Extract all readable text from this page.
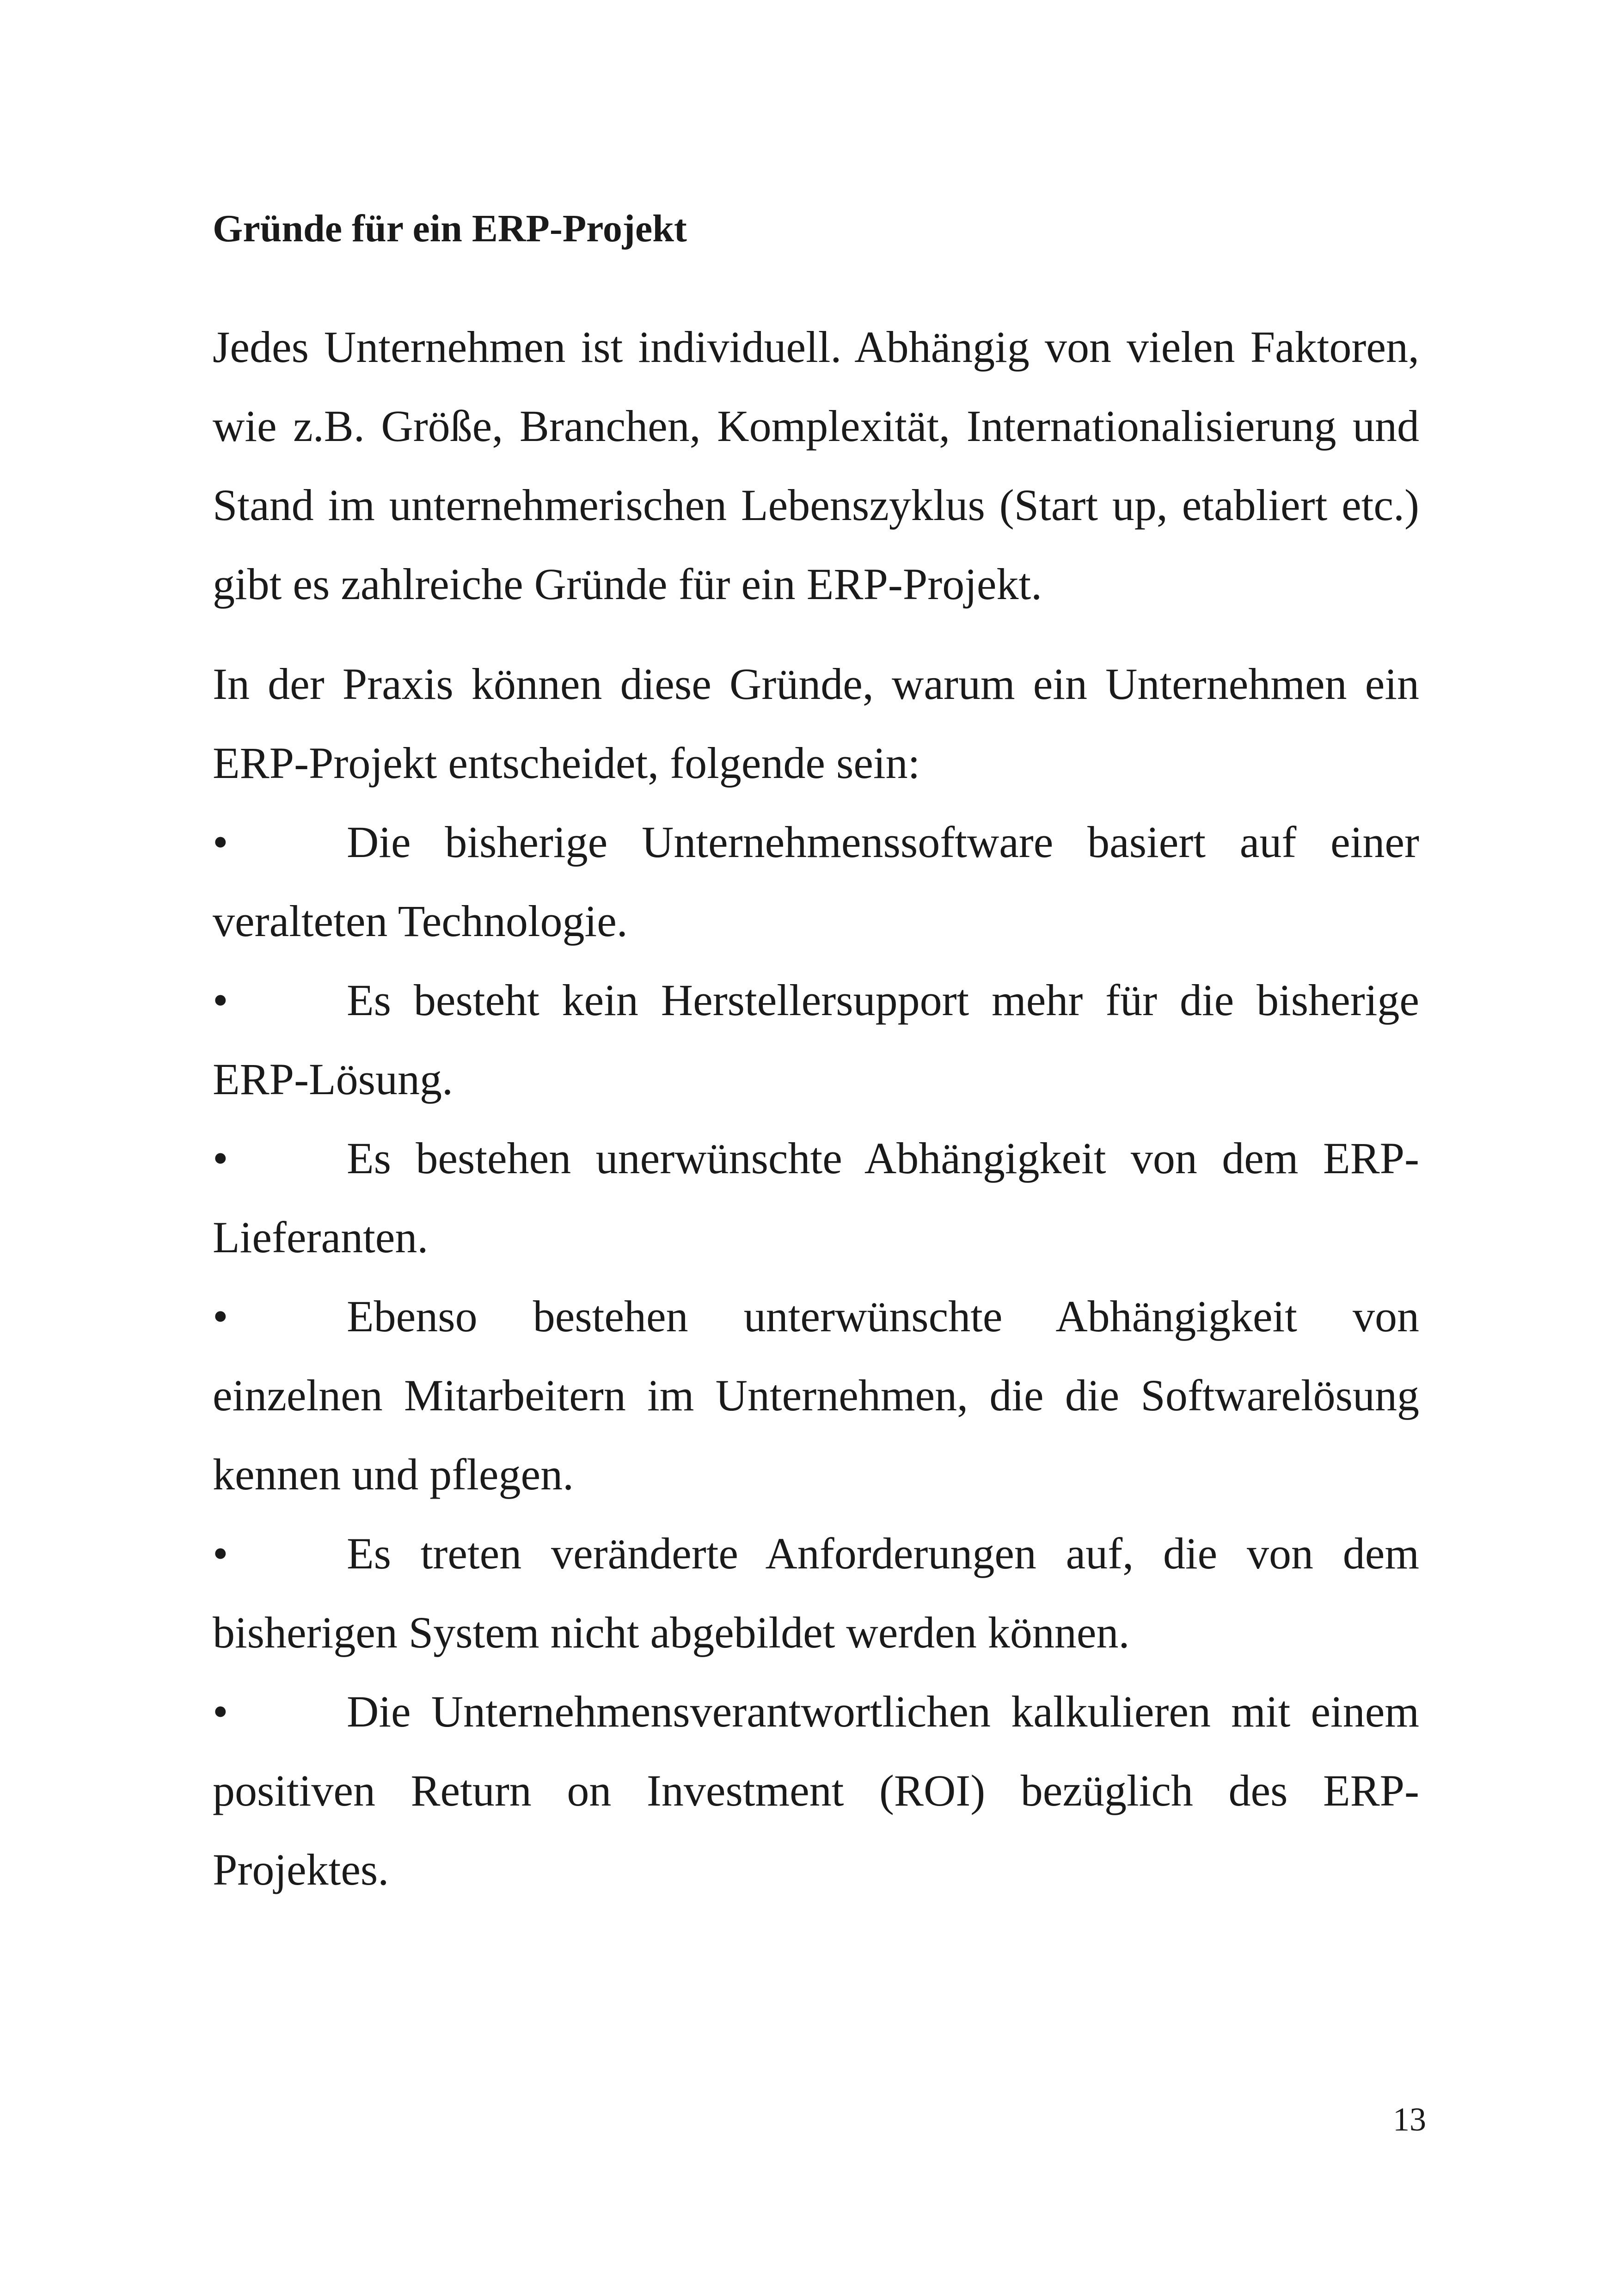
Gründe für ein ERP-Projekt

Jedes Unternehmen ist individuell. Abhängig von vielen Faktoren, wie z.B. Größe, Branchen, Komplexität, Internationalisierung und Stand im unternehmerischen Lebenszyklus (Start up, etabliert etc.) gibt es zahlreiche Gründe für ein ERP-Projekt.

In der Praxis können diese Gründe, warum ein Unternehmen ein ERP-Projekt entscheidet, folgende sein:

•	Die bisherige Unternehmenssoftware basiert auf einer veralteten Technologie.
•	Es besteht kein Herstellersupport mehr für die bisherige ERP-Lösung.
•	Es bestehen unerwünschte Abhängigkeit von dem ERP-Lieferanten.
•	Ebenso bestehen unterwünschte Abhängigkeit von einzelnen Mitarbeitern im Unternehmen, die die Softwarelösung kennen und pflegen.
•	Es treten veränderte Anforderungen auf, die von dem bisherigen System nicht abgebildet werden können.
•	Die Unternehmensverantwortlichen kalkulieren mit einem positiven Return on Investment (ROI) bezüglich des ERP-Projektes.
13
